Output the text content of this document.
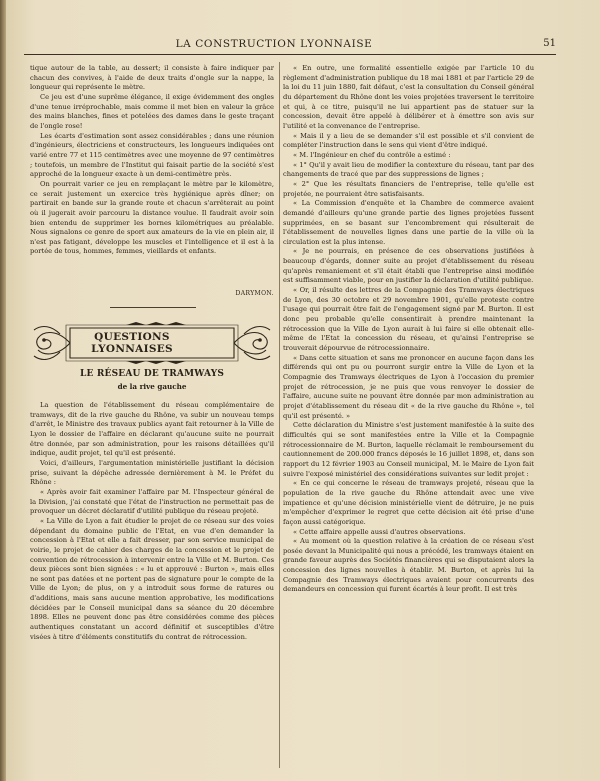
LA CONSTRUCTION LYONNAISE	51

tique autour de la table, au dessert; il consiste à faire indiquer par chacun des convives, à l'aide de deux traits d'ongle sur la nappe, la longueur qui représente le mètre.

Ce jeu est d'une suprême élégance, il exige évidemment des ongles d'une tenue irréprochable, mais comme il met bien en valeur la grâce des mains blanches, fines et potelées des dames dans le geste traçant de l'ongle rose!

Les écarts d'estimation sont assez considérables ; dans une réunion d'ingénieurs, électriciens et constructeurs, les longueurs indiquées ont varié entre 77 et 115 centimètres avec une moyenne de 97 centimètres ; toutefois, un membre de l'Institut qui faisait partie de la société s'est approché de la longueur exacte à un demi-centimètre près.

On pourrait varier ce jeu en remplaçant le mètre par le kilomètre, ce serait justement un exercice très hygiénique après dîner; on partirait en bande sur la grande route et chacun s'arrêterait au point où il jugerait avoir parcouru la distance voulue. Il faudrait avoir soin bien entendu de supprimer les bornes kilométriques au préalable. Nous signalons ce genre de sport aux amateurs de la vie en plein air, il n'est pas fatigant, développe les muscles et l'intelligence et il est à la portée de tous, hommes, femmes, vieillards et enfants.

DARYMON.
QUESTIONS LYONNAISES
LE RÉSEAU DE TRAMWAYS
de la rive gauche

La question de l'établissement du réseau complémentaire de tramways, dit de la rive gauche du Rhône, va subir un nouveau temps d'arrêt, le Ministre des travaux publics ayant fait retourner à la Ville de Lyon le dossier de l'affaire en déclarant qu'aucune suite ne pourrait être donnée, par son administration, pour les raisons détaillées qu'il indique, audit projet, tel qu'il est présenté.

Voici, d'ailleurs, l'argumentation ministérielle justifiant la décision prise, suivant la dépêche adressée dernièrement à M. le Préfet du Rhône :

« Après avoir fait examiner l'affaire par M. l'Inspecteur général de la Division, j'ai constaté que l'état de l'instruction ne permettait pas de provoquer un décret déclaratif d'utilité publique du réseau projeté.

« La Ville de Lyon a fait étudier le projet de ce réseau sur des voies dépendant du domaine public de l'Etat, en vue d'en demander la concession à l'Etat et elle a fait dresser, par son service municipal de voirie, le projet de cahier des charges de la concession et le projet de convention de rétrocession à intervenir entre la Ville et M. Burton. Ces deux pièces sont bien signées : « lu et approuvé : Burton », mais elles ne sont pas datées et ne portent pas de signature pour le compte de la Ville de Lyon; de plus, on y a introduit sous forme de ratures ou d'additions, mais sans aucune mention approbative, les modifications décidées par le Conseil municipal dans sa séance du 20 décembre 1898. Elles ne peuvent donc pas être considérées comme des pièces authentiques constatant un accord définitif et susceptibles d'être visées à titre d'éléments constitutifs du contrat de rétrocession.

« En outre, une formalité essentielle exigée par l'article 10 du règlement d'administration publique du 18 mai 1881 et par l'article 29 de la loi du 11 juin 1880, fait défaut, c'est la consultation du Conseil général du département du Rhône dont les voies projetées traversent le territoire et qui, à ce titre, puisqu'il ne lui appartient pas de statuer sur la concession, devait être appelé à délibérer et à émettre son avis sur l'utilité et la convenance de l'entreprise.

« Mais il y a lieu de se demander s'il est possible et s'il convient de compléter l'instruction dans le sens qui vient d'être indiqué.

« M. l'Ingénieur en chef du contrôle a estimé :

« 1° Qu'il y avait lieu de modifier la contexture du réseau, tant par des changements de tracé que par des suppressions de lignes ;

« 2° Que les résultats financiers de l'entreprise, telle qu'elle est projetée, ne pourraient être satisfaisants.

« La Commission d'enquête et la Chambre de commerce avaient demandé d'ailleurs qu'une grande partie des lignes projetées fussent supprimées, en se basant sur l'encombrement qui résulterait de l'établissement de nouvelles lignes dans une partie de la ville où la circulation est la plus intense.

« Je ne pourrais, en présence de ces observations justifiées à beaucoup d'égards, donner suite au projet d'établissement du réseau qu'après remaniement et s'il était établi que l'entreprise ainsi modifiée est suffisamment viable, pour en justifier la déclaration d'utilité publique.

« Or, il résulte des lettres de la Compagnie des Tramways électriques de Lyon, des 30 octobre et 29 novembre 1901, qu'elle proteste contre l'usage qui pourrait être fait de l'engagement signé par M. Burton. Il est donc peu probable qu'elle consentirait à prendre maintenant la rétrocession que la Ville de Lyon aurait à lui faire si elle obtenait elle-même de l'Etat la concession du réseau, et qu'ainsi l'entreprise se trouverait dépourvue de rétrocessionnaire.

« Dans cette situation et sans me prononcer en aucune façon dans les différends qui ont pu ou pourront surgir entre la Ville de Lyon et la Compagnie des Tramways électriques de Lyon à l'occasion du premier projet de rétrocession, je ne puis que vous renvoyer le dossier de l'affaire, aucune suite ne pouvant être donnée par mon administration au projet d'établissement du réseau dit « de la rive gauche du Rhône », tel qu'il est présenté. »

Cette déclaration du Ministre s'est justement manifestée à la suite des difficultés qui se sont manifestées entre la Ville et la Compagnie rétrocessionnaire de M. Burton, laquelle réclamait le remboursement du cautionnement de 200.000 francs déposés le 16 juillet 1898, et, dans son rapport du 12 février 1903 au Conseil municipal, M. le Maire de Lyon fait suivre l'exposé ministériel des considérations suivantes sur ledit projet :

« En ce qui concerne le réseau de tramways projeté, réseau que la population de la rive gauche du Rhône attendait avec une vive impatience et qu'une décision ministérielle vient de détruire, je ne puis m'empêcher d'exprimer le regret que cette décision ait été prise d'une façon aussi catégorique.

« Cette affaire appelle aussi d'autres observations.

« Au moment où la question relative à la création de ce réseau s'est posée devant la Municipalité qui nous a précédé, les tramways étaient en grande faveur auprès des Sociétés financières qui se disputaient alors la concession des lignes nouvelles à établir. M. Burton, et après lui la Compagnie des Tramways électriques avaient pour concurrents des demandeurs en concession qui furent écartés à leur profit. Il est très
